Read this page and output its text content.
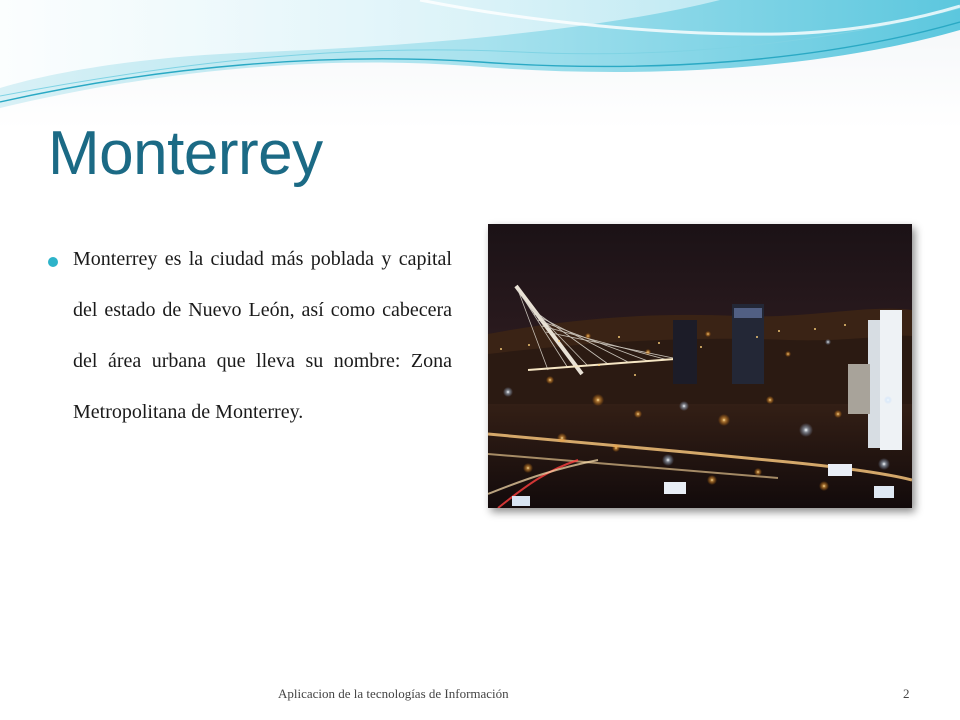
Monterrey
Monterrey es la ciudad más poblada y capital del estado de Nuevo León, así como cabecera del área urbana que lleva su nombre: Zona Metropolitana de Monterrey.
Aplicacion de la tecnologías de Información	2
